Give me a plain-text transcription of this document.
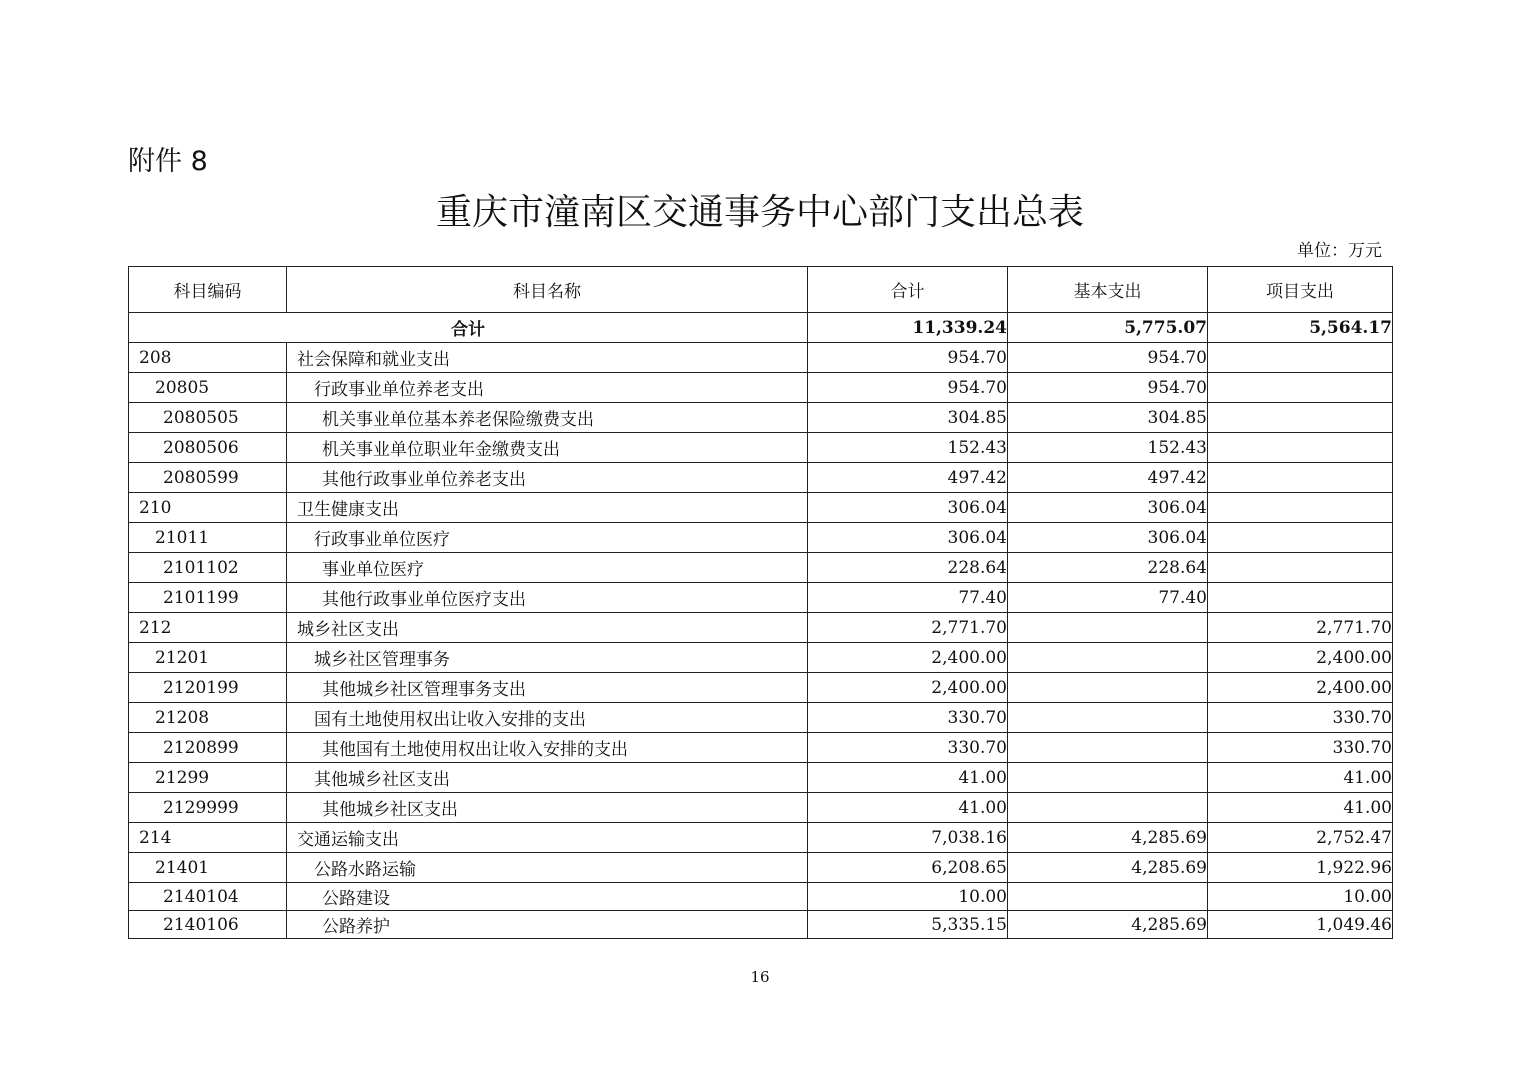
附件 8
重庆市潼南区交通事务中心部门支出总表
单位：万元
科目编码	科目名称	合计	基本支出	项目支出
合计		11,339.24	5,775.07	5,564.17
208	社会保障和就业支出	954.70	954.70	
20805	行政事业单位养老支出	954.70	954.70	
2080505	机关事业单位基本养老保险缴费支出	304.85	304.85	
2080506	机关事业单位职业年金缴费支出	152.43	152.43	
2080599	其他行政事业单位养老支出	497.42	497.42	
210	卫生健康支出	306.04	306.04	
21011	行政事业单位医疗	306.04	306.04	
2101102	事业单位医疗	228.64	228.64	
2101199	其他行政事业单位医疗支出	77.40	77.40	
212	城乡社区支出	2,771.70		2,771.70
21201	城乡社区管理事务	2,400.00		2,400.00
2120199	其他城乡社区管理事务支出	2,400.00		2,400.00
21208	国有土地使用权出让收入安排的支出	330.70		330.70
2120899	其他国有土地使用权出让收入安排的支出	330.70		330.70
21299	其他城乡社区支出	41.00		41.00
2129999	其他城乡社区支出	41.00		41.00
214	交通运输支出	7,038.16	4,285.69	2,752.47
21401	公路水路运输	6,208.65	4,285.69	1,922.96
2140104	公路建设	10.00		10.00
2140106	公路养护	5,335.15	4,285.69	1,049.46
16
